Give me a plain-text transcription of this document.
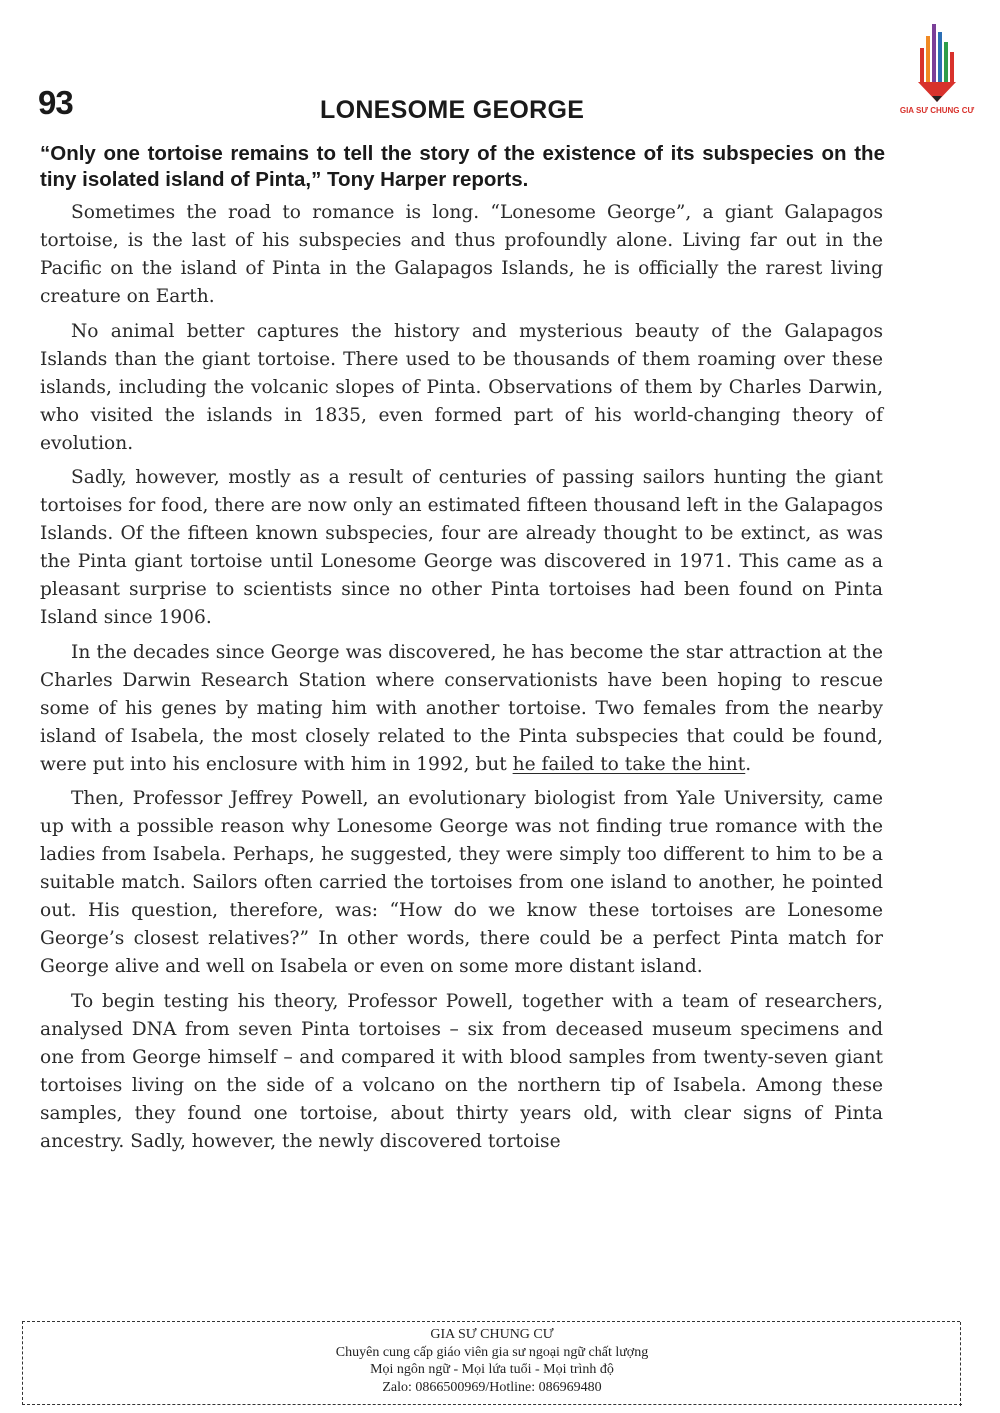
93	LONESOME GEORGE	GIA SƯ CHUNG CƯ
“Only one tortoise remains to tell the story of the existence of its subspecies on the tiny isolated island of Pinta,” Tony Harper reports.

Sometimes the road to romance is long. “Lonesome George”, a giant Galapagos tortoise, is the last of his subspecies and thus profoundly alone. Living far out in the Pacific on the island of Pinta in the Galapagos Islands, he is officially the rarest living creature on Earth.

No animal better captures the history and mysterious beauty of the Galapagos Islands than the giant tortoise. There used to be thousands of them roaming over these islands, including the volcanic slopes of Pinta. Observations of them by Charles Darwin, who visited the islands in 1835, even formed part of his world-changing theory of evolution.

Sadly, however, mostly as a result of centuries of passing sailors hunting the giant tortoises for food, there are now only an estimated fifteen thousand left in the Galapagos Islands. Of the fifteen known subspecies, four are already thought to be extinct, as was the Pinta giant tortoise until Lonesome George was discovered in 1971. This came as a pleasant surprise to scientists since no other Pinta tortoises had been found on Pinta Island since 1906.

In the decades since George was discovered, he has become the star attraction at the Charles Darwin Research Station where conservationists have been hoping to rescue some of his genes by mating him with another tortoise. Two females from the nearby island of Isabela, the most closely related to the Pinta subspecies that could be found, were put into his enclosure with him in 1992, but he failed to take the hint.

Then, Professor Jeffrey Powell, an evolutionary biologist from Yale University, came up with a possible reason why Lonesome George was not finding true romance with the ladies from Isabela. Perhaps, he suggested, they were simply too different to him to be a suitable match. Sailors often carried the tortoises from one island to another, he pointed out. His question, therefore, was: “How do we know these tortoises are Lonesome George’s closest relatives?” In other words, there could be a perfect Pinta match for George alive and well on Isabela or even on some more distant island.

To begin testing his theory, Professor Powell, together with a team of researchers, analysed DNA from seven Pinta tortoises – six from deceased museum specimens and one from George himself – and compared it with blood samples from twenty-seven giant tortoises living on the side of a volcano on the northern tip of Isabela. Among these samples, they found one tortoise, about thirty years old, with clear signs of Pinta ancestry. Sadly, however, the newly discovered tortoise

GIA SƯ CHUNG CƯ
Chuyên cung cấp giáo viên gia sư ngoại ngữ chất lượng
Mọi ngôn ngữ - Mọi lứa tuổi - Mọi trình độ
Zalo: 0866500969/Hotline: 086969480
